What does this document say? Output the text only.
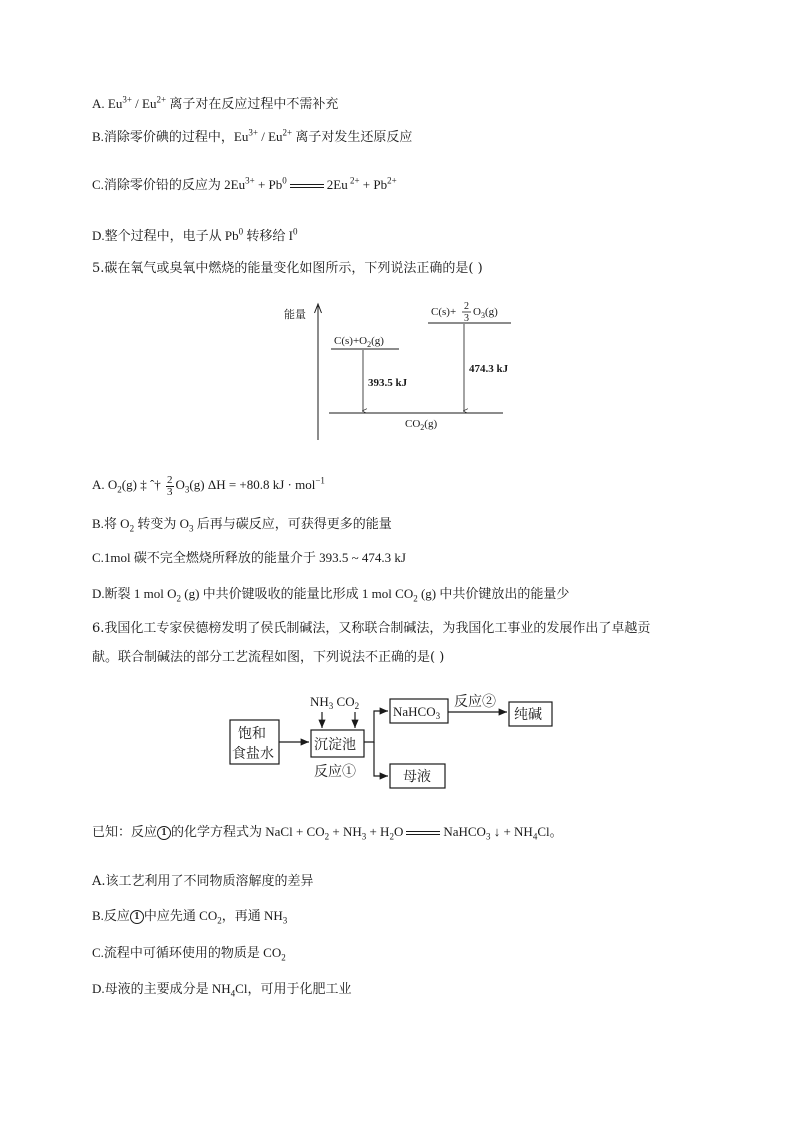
A. $Eu^{3+} / Eu^{2+}$ 离子对在反应过程中不需补充
B.消除零价碘的过程中，$Eu^{3+} / Eu^{2+}$ 离子对发生还原反应
C.消除零价铅的反应为 $2Eu^{3+} + Pb^0$	2Eu $^{2+} + Pb^{2+}$
D.整个过程中，电子从 Pb$^0$ 转移给 $I^0$
5.碳在氧气或臭氧中燃烧的能量变化如图所示，下列说法正确的是( )
能量
$C(s)+O_2(g)$
C(s)+ 2
3
$O_3(g)$
393.5 kJ
474.3 kJ
$CO_2(g)$
A. $O_2(g)$ ‡ ˆ† $\frac{2}{3} O_3(g) \Delta H = +80.8$ kJ · mol$^{-1}$
B.将 $O_2$ 转变为 $O_3$ 后再与碳反应，可获得更多的能量
C.1mol 碳不完全燃烧所释放的能量介于 393.5 ~ 474.3 kJ
D.断裂 1 mol $O_2$ (g) 中共价键吸收的能量比形成 1 mol $CO_2$ (g) 中共价键放出的能量少
6.我国化工专家侯德榜发明了侯氏制碱法，又称联合制碱法，为我国化工事业的发展作出了卓越贡
献。联合制碱法的部分工艺流程如图，下列说法不正确的是( )
饱和
食盐水
沉淀池
NaHCO$_3$	纯碱
母液
$NH_3$ $CO_2$	反应②
反应①
已知：反应 1 的化学方程式为 NaCl + $CO_2 + NH_3 + H_2O$	NaHCO$_3$ ↓ + $NH_4Cl$。
A.该工艺利用了不同物质溶解度的差异
B.反应 1 中应先通 $CO_2$，再通 $NH_3$
C.流程中可循环使用的物质是 $CO_2$
D.母液的主要成分是 $NH_4Cl$，可用于化肥工业
